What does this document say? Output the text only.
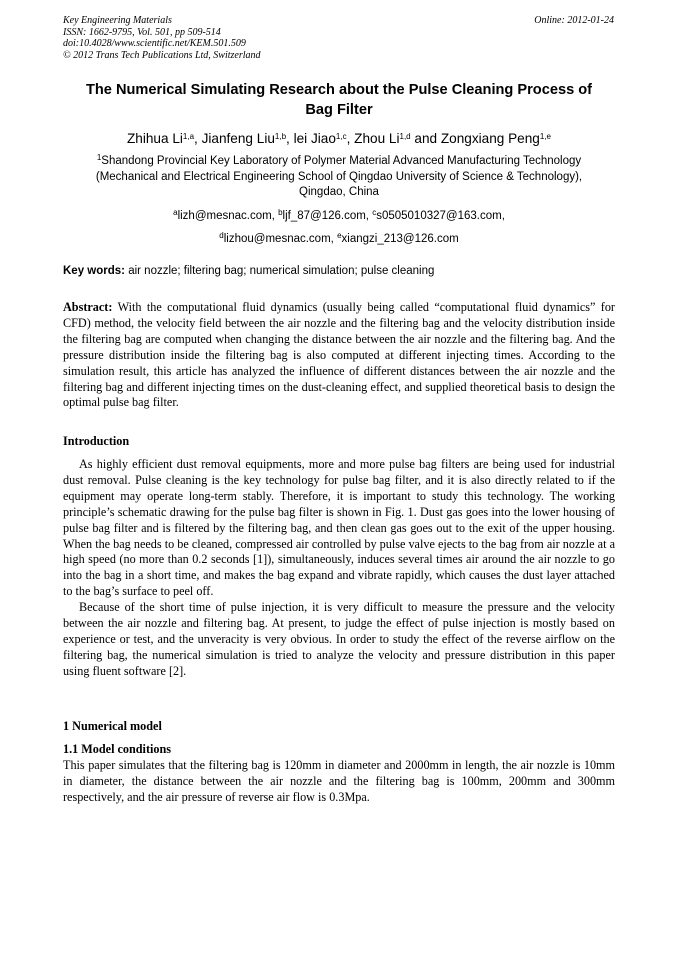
Key Engineering Materials
ISSN: 1662-9795, Vol. 501, pp 509-514
doi:10.4028/www.scientific.net/KEM.501.509
© 2012 Trans Tech Publications Ltd, Switzerland
Online: 2012-01-24
The Numerical Simulating Research about the Pulse Cleaning Process of
Bag Filter
Zhihua Li$^{1,a}$, Jianfeng Liu$^{1,b}$, lei Jiao$^{1,c}$, Zhou Li$^{1,d}$ and Zongxiang Peng$^{1,e}$
$^1$Shandong Provincial Key Laboratory of Polymer Material Advanced Manufacturing Technology
(Mechanical and Electrical Engineering School of Qingdao University of Science & Technology),
Qingdao, China
$^a$lizh@mesnac.com, $^b$ljf_87@126.com, $^c$s0505010327@163.com,
$^d$lizhou@mesnac.com, $^e$xiangzi_213@126.com
Key words: air nozzle; filtering bag; numerical simulation; pulse cleaning

Abstract: With the computational fluid dynamics (usually being called “computational fluid dynamics” for CFD) method, the velocity field between the air nozzle and the filtering bag and the velocity distribution inside the filtering bag are computed when changing the distance between the air nozzle and the filtering bag. And the pressure distribution inside the filtering bag is also computed at different injecting times. According to the simulation result, this article has analyzed the influence of different distances between the air nozzle and the filtering bag and different injecting times on the dust-cleaning effect, and supplied theoretical basis to design the optimal pulse bag filter.

Introduction

As highly efficient dust removal equipments, more and more pulse bag filters are being used for industrial dust removal. Pulse cleaning is the key technology for pulse bag filter, and it is also directly related to if the equipment may operate long-term stably. Therefore, it is important to study this technology. The working principle’s schematic drawing for the pulse bag filter is shown in Fig. 1. Dust gas goes into the lower housing of pulse bag filter and is filtered by the filtering bag, and then clean gas goes out to the exit of the upper housing. When the bag needs to be cleaned, compressed air controlled by pulse valve ejects to the bag from air nozzle at a high speed (no more than 0.2 seconds [1]), simultaneously, induces several times air around the air nozzle to go into the bag in a short time, and makes the bag expand and vibrate rapidly, which causes the dust layer attached to the bag’s surface to peel off.

Because of the short time of pulse injection, it is very difficult to measure the pressure and the velocity between the air nozzle and filtering bag. At present, to judge the effect of pulse injection is mostly based on experience or test, and the unveracity is very obvious. In order to study the effect of the reverse airflow on the filtering bag, the numerical simulation is tried to analyze the velocity and pressure distribution in this paper using fluent software [2].

1 Numerical model
1.1 Model conditions
This paper simulates that the filtering bag is 120mm in diameter and 2000mm in length, the air nozzle is 10mm in diameter, the distance between the air nozzle and the filtering bag is 100mm, 200mm and 300mm respectively, and the air pressure of reverse air flow is 0.3Mpa.
